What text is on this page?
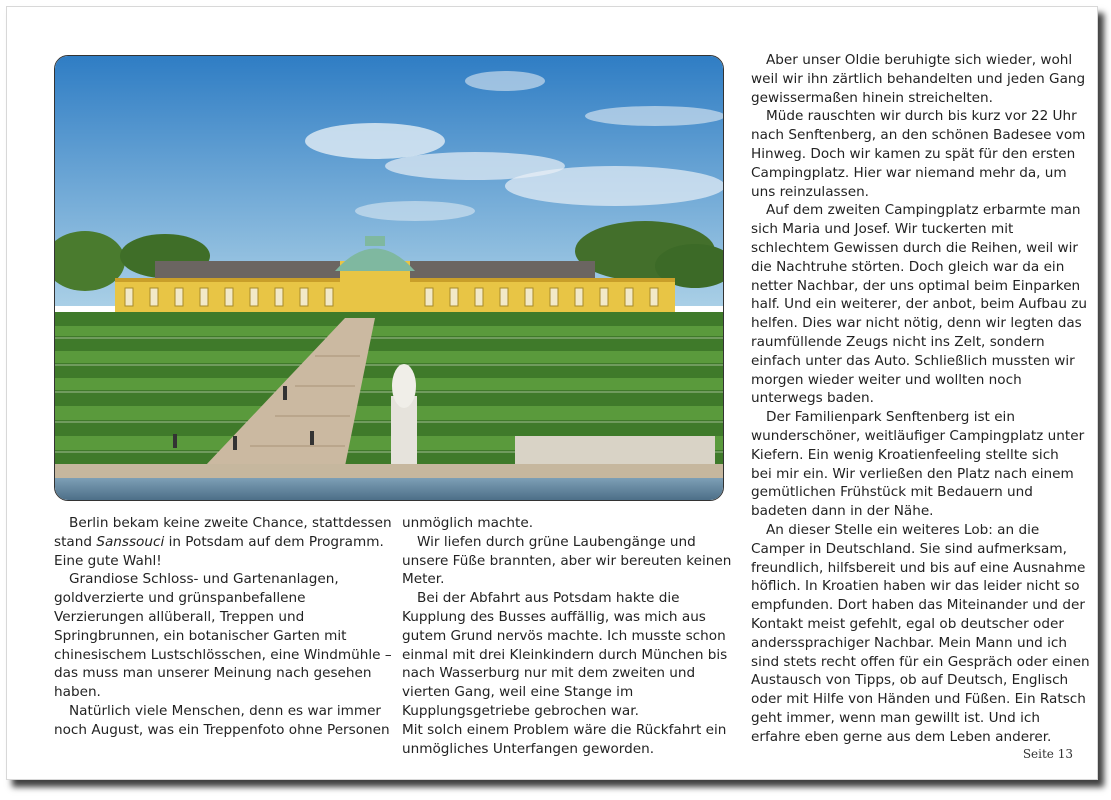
Berlin bekam keine zweite Chance, stattdessen stand Sanssouci in Potsdam auf dem Programm. Eine gute Wahl!

Grandiose Schloss- und Gartenanlagen, goldverzierte und grünspanbefallene Verzierungen allüberall, Treppen und Springbrunnen, ein botanischer Garten mit chinesischem Lustschlösschen, eine Windmühle – das muss man unserer Meinung nach gesehen haben.

Natürlich viele Menschen, denn es war immer noch August, was ein Treppenfoto ohne Personen

unmöglich machte.

Wir liefen durch grüne Laubengänge und unsere Füße brannten, aber wir bereuten keinen Meter.

Bei der Abfahrt aus Potsdam hakte die Kupplung des Busses auffällig, was mich aus gutem Grund nervös machte. Ich musste schon einmal mit drei Kleinkindern durch München bis nach Wasserburg nur mit dem zweiten und vierten Gang, weil eine Stange im Kupplungsgetriebe gebrochen war.

Mit solch einem Problem wäre die Rückfahrt ein unmögliches Unterfangen geworden.

Aber unser Oldie beruhigte sich wieder, wohl weil wir ihn zärtlich behandelten und jeden Gang gewissermaßen hinein streichelten.

Müde rauschten wir durch bis kurz vor 22 Uhr nach Senftenberg, an den schönen Badesee vom Hinweg. Doch wir kamen zu spät für den ersten Campingplatz. Hier war niemand mehr da, um uns reinzulassen.

Auf dem zweiten Campingplatz erbarmte man sich Maria und Josef. Wir tuckerten mit schlechtem Gewissen durch die Reihen, weil wir die Nachtruhe störten. Doch gleich war da ein netter Nachbar, der uns optimal beim Einparken half. Und ein weiterer, der anbot, beim Aufbau zu helfen. Dies war nicht nötig, denn wir legten das raumfüllende Zeugs nicht ins Zelt, sondern einfach unter das Auto. Schließlich mussten wir morgen wieder weiter und wollten noch unterwegs baden.

Der Familienpark Senftenberg ist ein wunderschöner, weitläufiger Campingplatz unter Kiefern. Ein wenig Kroatienfeeling stellte sich

bei mir ein. Wir verließen den Platz nach einem gemütlichen Frühstück mit Bedauern und badeten dann in der Nähe.

An dieser Stelle ein weiteres Lob: an die Camper in Deutschland. Sie sind aufmerksam, freundlich, hilfsbereit und bis auf eine Ausnahme höflich. In Kroatien haben wir das leider nicht so empfunden. Dort haben das Miteinander und der Kontakt meist gefehlt, egal ob deutscher oder anderssprachiger Nachbar. Mein Mann und ich sind stets recht offen für ein Gespräch oder einen Austausch von Tipps, ob auf Deutsch, Englisch oder mit Hilfe von Händen und Füßen. Ein Ratsch geht immer, wenn man gewillt ist. Und ich erfahre eben gerne aus dem Leben anderer.

Seite 13
